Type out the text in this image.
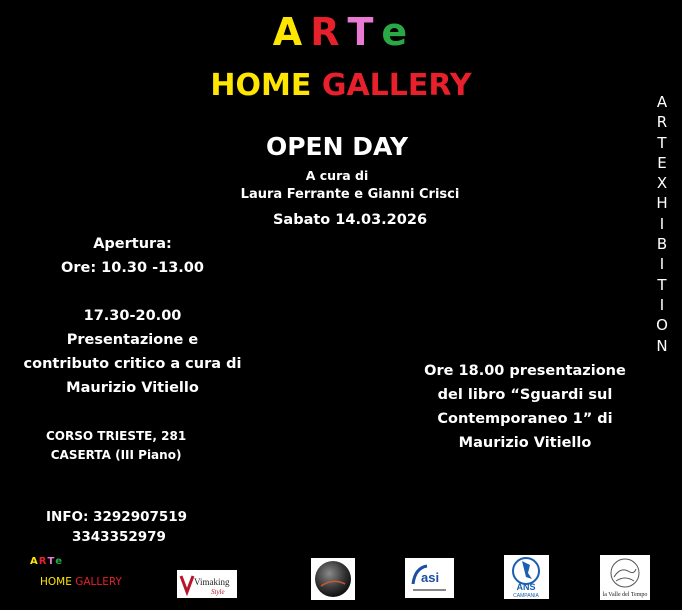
A R T e
HOME GALLERY
OPEN DAY
A cura di
Laura Ferrante e Gianni Crisci
Sabato 14.03.2026
Apertura:
Ore: 10.30 -13.00
17.30-20.00
Presentazione e
contributo critico a cura di
Maurizio Vitiello
CORSO TRIESTE, 281
CASERTA (III Piano)
INFO: 3292907519
3343352979
Ore 18.00 presentazione
del libro “Sguardi sul
Contemporaneo 1” di
Maurizio Vitiello
A
R
T
E
X
H
I
B
I
T
I
O
N
ARTe
HOME GALLERY	Vimaking
Style
asi
ANS
CAMPANIA	la Valle del Tempo
